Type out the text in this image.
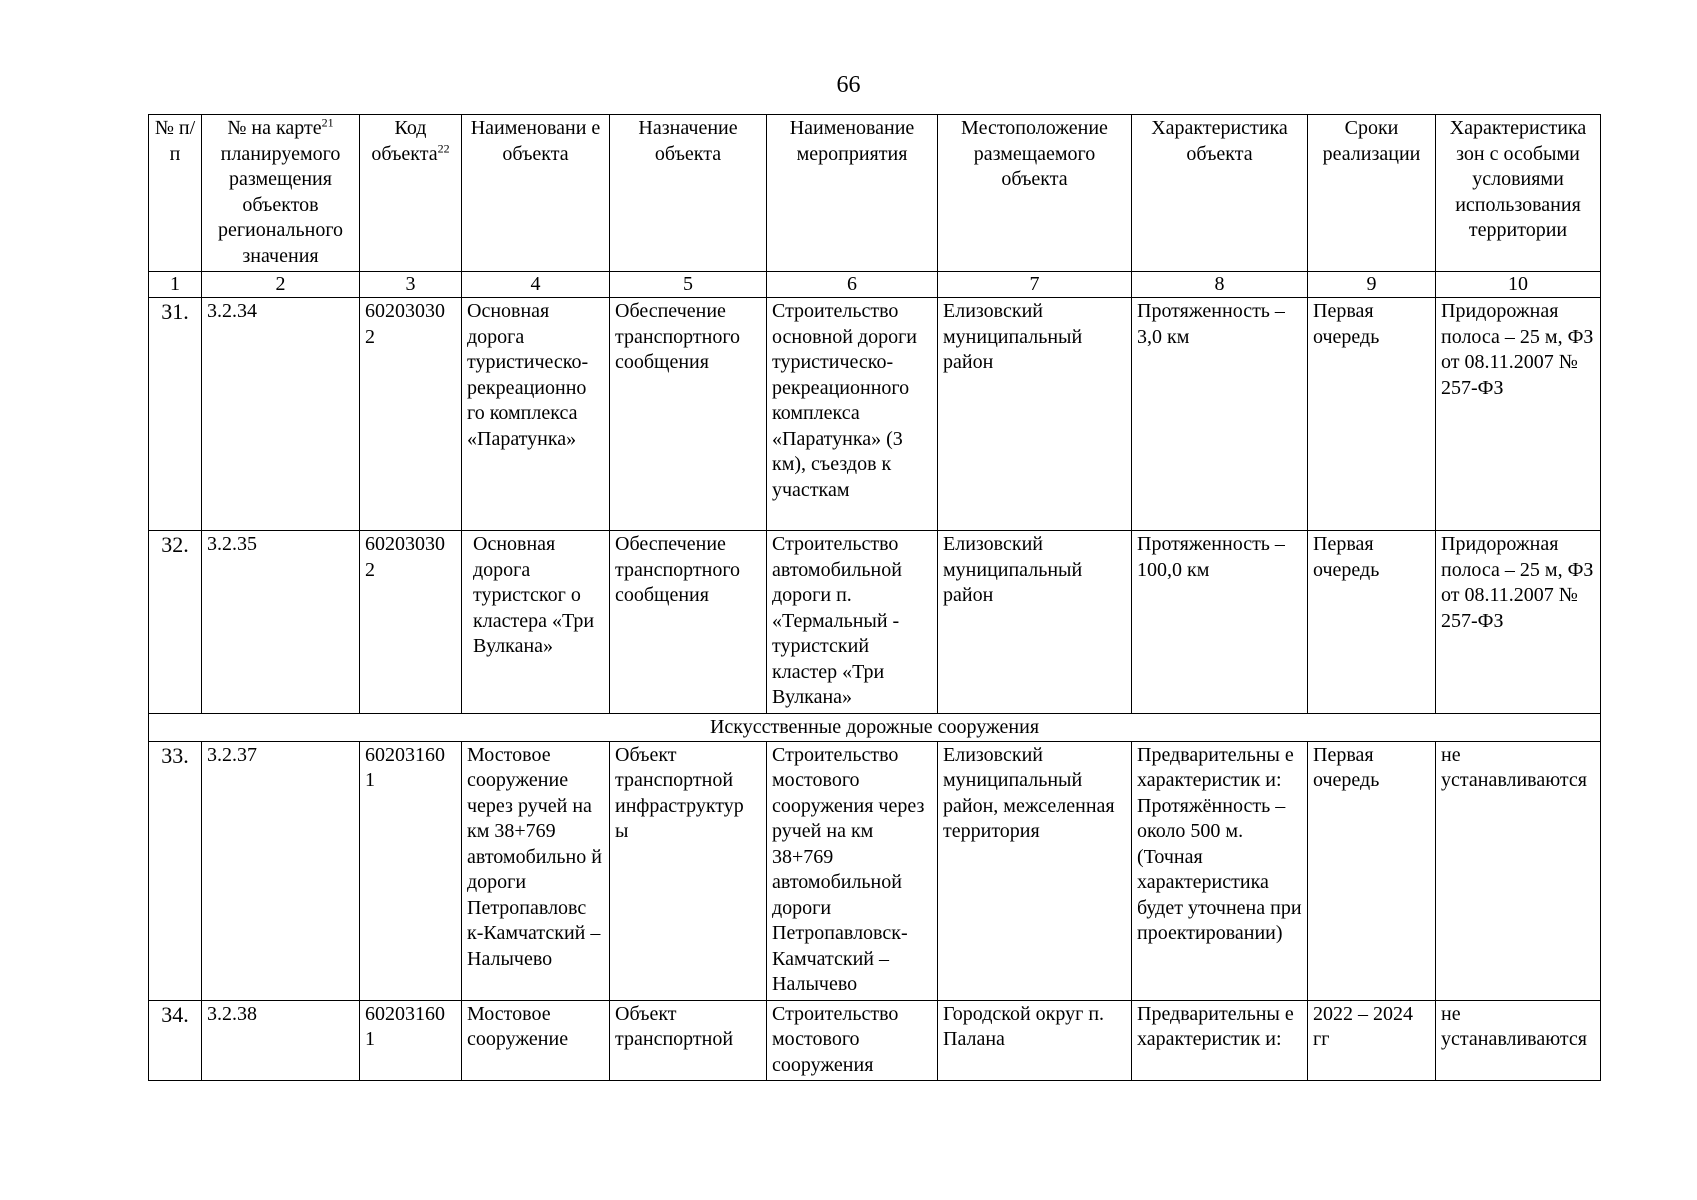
66
№ п/п	№ на карте$^{21}$ планируемого размещения объектов регионального значения	Код объекта$^{22}$	Наименовани е объекта	Назначение объекта	Наименование мероприятия	Местоположение размещаемого объекта	Характеристика объекта	Сроки реализации	Характеристика зон с особыми условиями использования территории
1	2	3	4	5	6	7	8	9	10
31.	3.2.34	60203030 2	Основная дорога туристическо-рекреационно го комплекса «Паратунка»	Обеспечение транспортного сообщения	Строительство основной дороги туристическо-рекреационного комплекса «Паратунка» (3 км), съездов к участкам	Елизовский муниципальный район	Протяженность – 3,0 км	Первая очередь	Придорожная полоса – 25 м, ФЗ от 08.11.2007 № 257-ФЗ
32.	3.2.35	60203030 2	Основная дорога туристског о кластера «Три Вулкана»	Обеспечение транспортного сообщения	Строительство автомобильной дороги п. «Термальный - туристский кластер «Три Вулкана»	Елизовский муниципальный район	Протяженность – 100,0 км	Первая очередь	Придорожная полоса – 25 м, ФЗ от 08.11.2007 № 257-ФЗ
Искусственные дорожные сооружения									
33.	3.2.37	60203160 1	Мостовое сооружение через ручей на км 38+769 автомобильно й дороги Петропавловс к-Камчатский – Налычево	Объект транспортной инфраструктур ы	Строительство мостового сооружения через ручей на км 38+769 автомобильной дороги Петропавловск-Камчатский – Налычево	Елизовский муниципальный район, межселенная территория	Предварительны е характеристик и: Протяжённость – около 500 м. (Точная характеристика будет уточнена при проектировании)	Первая очередь	не устанавливаются
34.	3.2.38	60203160 1	Мостовое сооружение	Объект транспортной	Строительство мостового сооружения	Городской округ п. Палана	Предварительны е характеристик и:	2022 – 2024 гг	не устанавливаются
